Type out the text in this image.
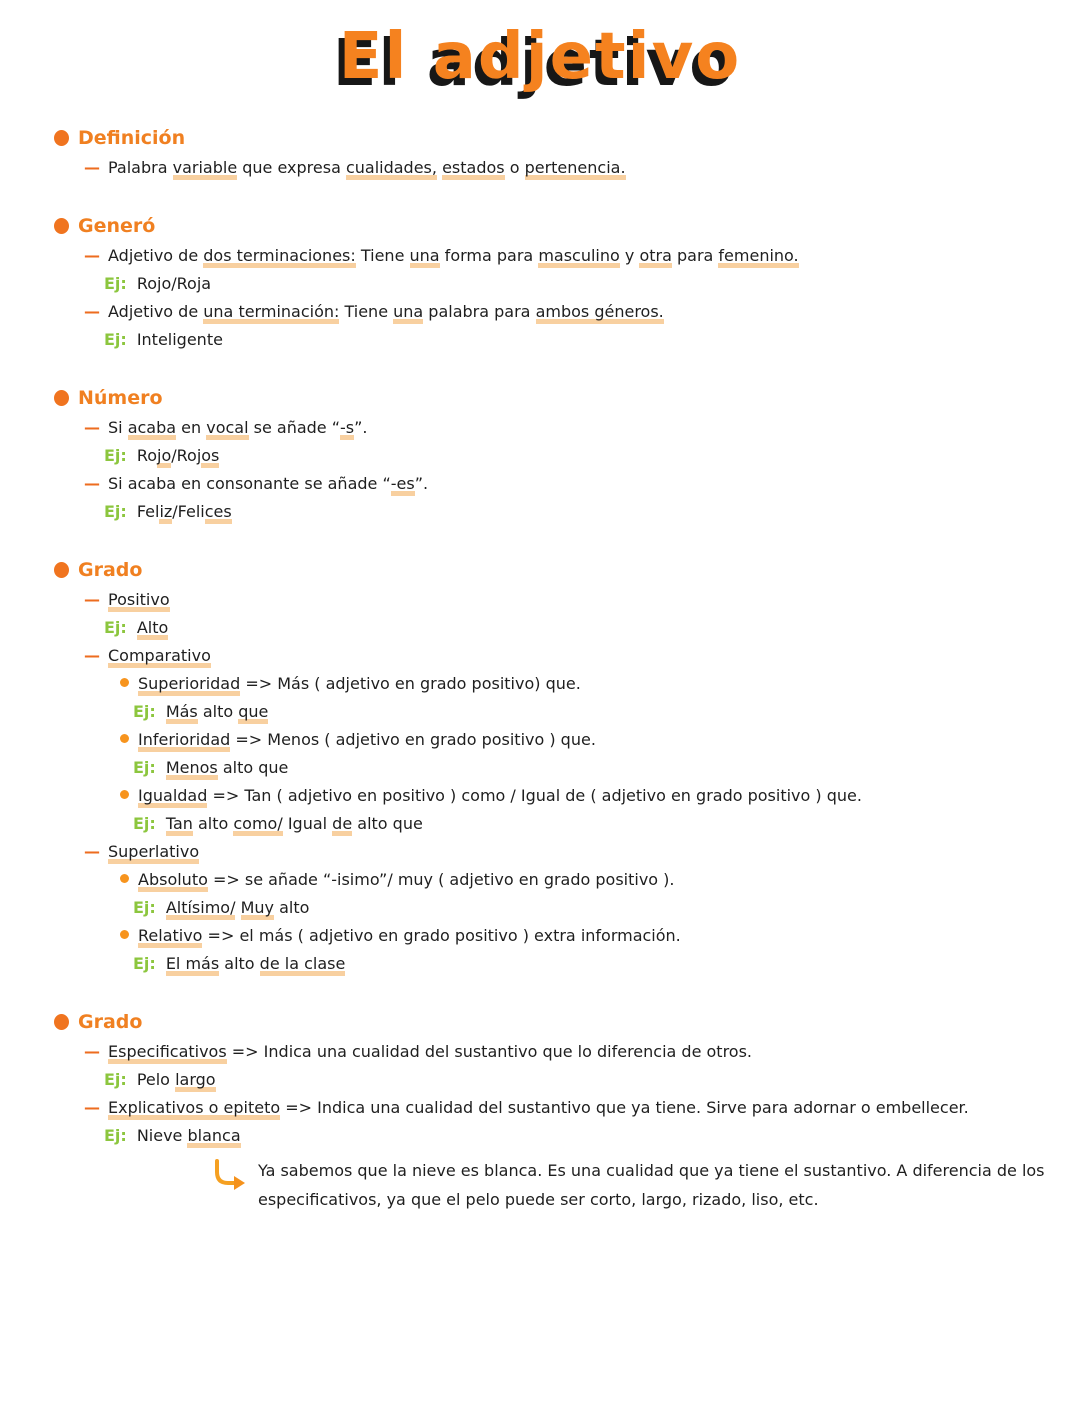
El adjetivo
Definición
— Palabra variable que expresa cualidades, estados o pertenencia.
Generó
— Adjetivo de dos terminaciones: Tiene una forma para masculino y otra para femenino.
Ej: Rojo/Roja
— Adjetivo de una terminación: Tiene una palabra para ambos géneros.
Ej: Inteligente
Número
— Si acaba en vocal se añade “-s”.
Ej: Rojo/Rojos
— Si acaba en consonante se añade “-es”.
Ej: Feliz/Felices
Grado
— Positivo
Ej: Alto
— Comparativo
Superioridad => Más ( adjetivo en grado positivo) que.
Ej: Más alto que
Inferioridad => Menos ( adjetivo en grado positivo ) que.
Ej: Menos alto que
Igualdad => Tan ( adjetivo en positivo ) como / Igual de ( adjetivo en grado positivo ) que.
Ej: Tan alto como/ Igual de alto que
— Superlativo
Absoluto => se añade “-isimo”/ muy ( adjetivo en grado positivo ).
Ej: Altísimo/ Muy alto
Relativo => el más ( adjetivo en grado positivo ) extra información.
Ej: El más alto de la clase
Grado
— Especificativos => Indica una cualidad del sustantivo que lo diferencia de otros.
Ej: Pelo largo
— Explicativos o epiteto => Indica una cualidad del sustantivo que ya tiene. Sirve para adornar o embellecer.
Ej: Nieve blanca
Ya sabemos que la nieve es blanca. Es una cualidad que ya tiene el sustantivo. A diferencia de los especificativos, ya que el pelo puede ser corto, largo, rizado, liso, etc.
